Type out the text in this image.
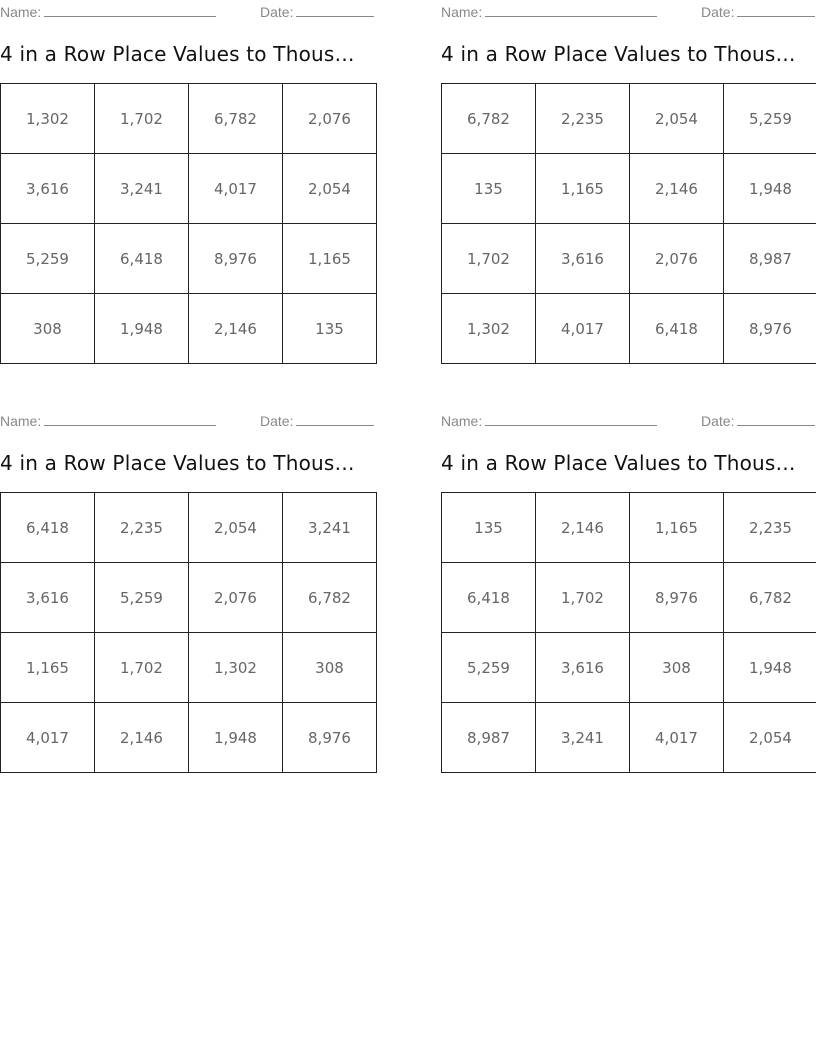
Name:	Date:
4 in a Row Place Values to Thous…
1,302	1,702	6,782	2,076
3,616	3,241	4,017	2,054
5,259	6,418	8,976	1,165
308	1,948	2,146	135
Name:	Date:
4 in a Row Place Values to Thous…
6,782	2,235	2,054	5,259
135	1,165	2,146	1,948
1,702	3,616	2,076	8,987
1,302	4,017	6,418	8,976
Name:	Date:
4 in a Row Place Values to Thous…
6,418	2,235	2,054	3,241
3,616	5,259	2,076	6,782
1,165	1,702	1,302	308
4,017	2,146	1,948	8,976
Name:	Date:
4 in a Row Place Values to Thous…
135	2,146	1,165	2,235
6,418	1,702	8,976	6,782
5,259	3,616	308	1,948
8,987	3,241	4,017	2,054
